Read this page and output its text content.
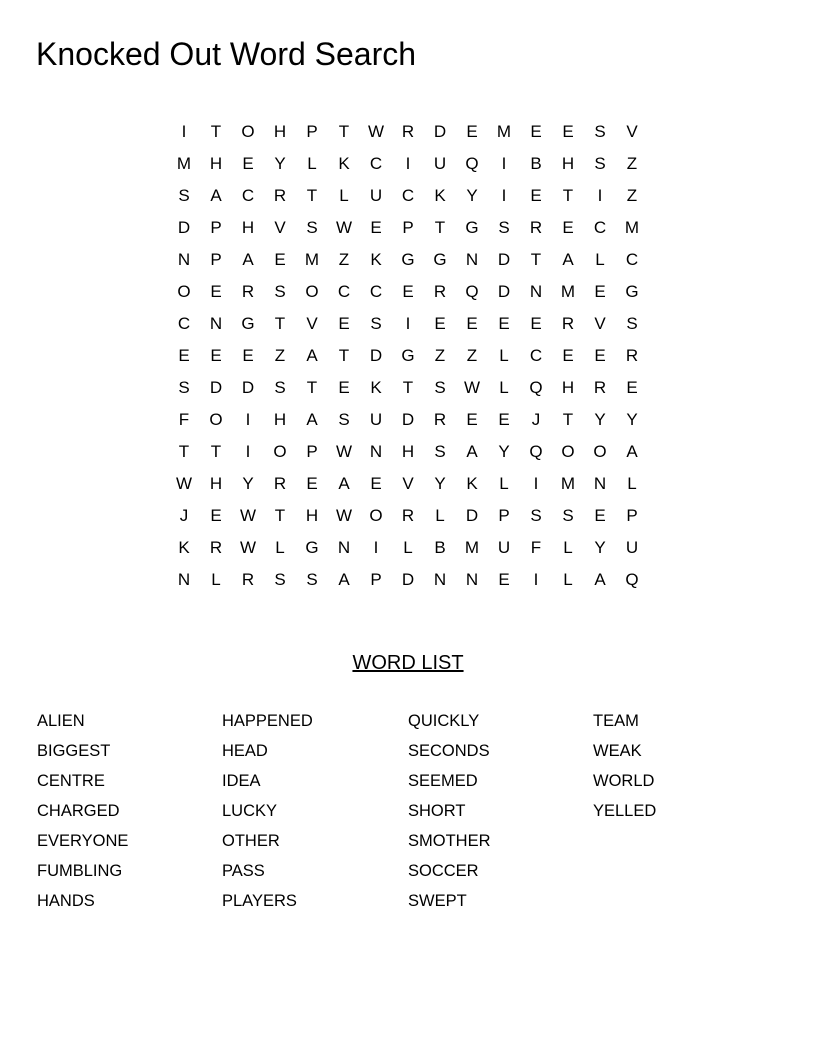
Knocked Out Word Search
I	T	O	H	P	T	W	R	D	E	M	E	E	S	V
M	H	E	Y	L	K	C	I	U	Q	I	B	H	S	Z
S	A	C	R	T	L	U	C	K	Y	I	E	T	I	Z
D	P	H	V	S	W	E	P	T	G	S	R	E	C	M
N	P	A	E	M	Z	K	G	G	N	D	T	A	L	C
O	E	R	S	O	C	C	E	R	Q	D	N	M	E	G
C	N	G	T	V	E	S	I	E	E	E	E	R	V	S
E	E	E	Z	A	T	D	G	Z	Z	L	C	E	E	R
S	D	D	S	T	E	K	T	S	W	L	Q	H	R	E
F	O	I	H	A	S	U	D	R	E	E	J	T	Y	Y
T	T	I	O	P	W	N	H	S	A	Y	Q	O	O	A
W	H	Y	R	E	A	E	V	Y	K	L	I	M	N	L
J	E	W	T	H	W	O	R	L	D	P	S	S	E	P
K	R	W	L	G	N	I	L	B	M	U	F	L	Y	U
N	L	R	S	S	A	P	D	N	N	E	I	L	A	Q
WORD LIST
ALIEN
BIGGEST
CENTRE
CHARGED
EVERYONE
FUMBLING
HANDS
HAPPENED
HEAD
IDEA
LUCKY
OTHER
PASS
PLAYERS
QUICKLY
SECONDS
SEEMED
SHORT
SMOTHER
SOCCER
SWEPT
TEAM
WEAK
WORLD
YELLED
